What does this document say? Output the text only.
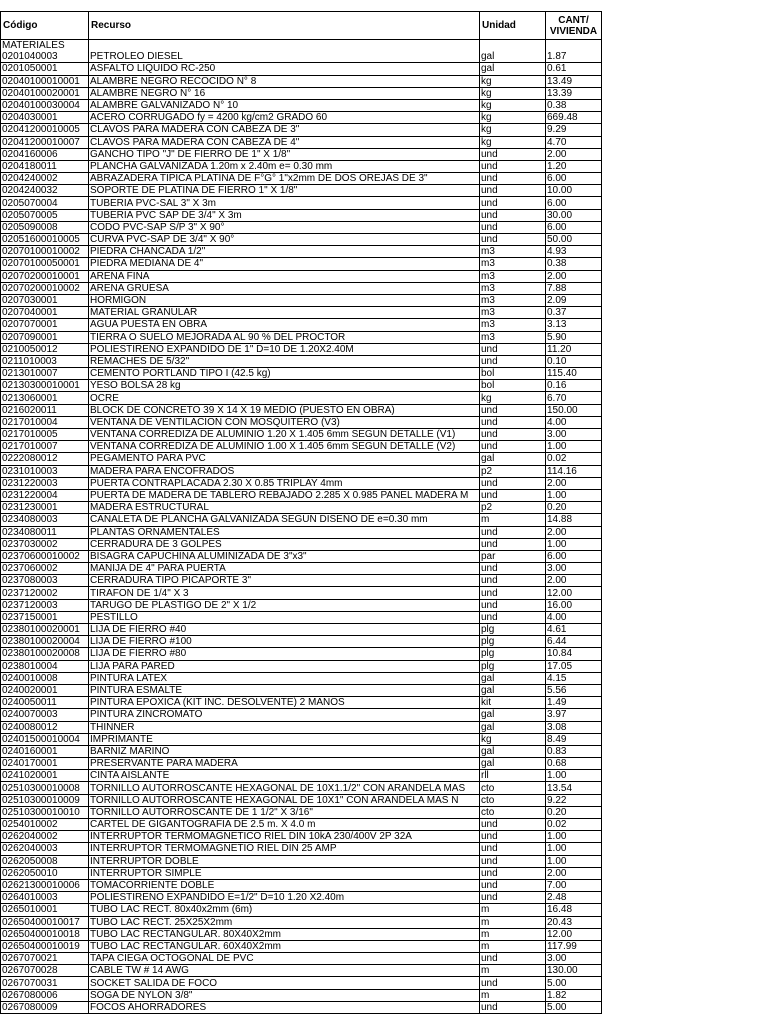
Código	Recurso	Unidad	CANT/
VIVIENDA

MATERIALES			
0201040003	PETROLEO DIESEL	gal	1.87
0201050001	ASFALTO LIQUIDO RC-250	gal	0.61
02040100010001	ALAMBRE NEGRO RECOCIDO N° 8	kg	13.49
02040100020001	ALAMBRE NEGRO N° 16	kg	13.39
02040100030004	ALAMBRE GALVANIZADO N° 10	kg	0.38
0204030001	ACERO CORRUGADO fy = 4200 kg/cm2 GRADO 60	kg	669.48
02041200010005	CLAVOS PARA MADERA CON CABEZA DE 3"	kg	9.29
02041200010007	CLAVOS PARA MADERA CON CABEZA DE 4"	kg	4.70
0204160006	GANCHO TIPO "J" DE FIERRO DE 1" X 1/8"	und	2.00
0204180011	PLANCHA GALVANIZADA 1.20m x 2.40m e= 0.30 mm	und	1.20
0204240002	ABRAZADERA TIPICA PLATINA DE F°G° 1"x2mm DE DOS OREJAS DE 3"	und	6.00
0204240032	SOPORTE DE PLATINA DE FIERRO 1" X 1/8"	und	10.00
0205070004	TUBERIA PVC-SAL 3" X 3m	und	6.00
0205070005	TUBERIA PVC SAP DE 3/4" X 3m	und	30.00
0205090008	CODO PVC-SAP S/P 3" X 90°	und	6.00
02051600010005	CURVA PVC-SAP DE 3/4" X 90°	und	50.00
02070100010002	PIEDRA CHANCADA 1/2"	m3	4.93
02070100050001	PIEDRA MEDIANA DE 4"	m3	0.38
02070200010001	ARENA FINA	m3	2.00
02070200010002	ARENA GRUESA	m3	7.88
0207030001	HORMIGON	m3	2.09
0207040001	MATERIAL GRANULAR	m3	0.37
0207070001	AGUA PUESTA EN OBRA	m3	3.13
0207090001	TIERRA O SUELO MEJORADA AL 90 % DEL PROCTOR	m3	5.90
0210050012	POLIESTIRENO EXPANDIDO DE 1" D=10 DE 1.20X2.40M	und	11.20
0211010003	REMACHES DE 5/32"	und	0.10
0213010007	CEMENTO PORTLAND TIPO I (42.5 kg)	bol	115.40
02130300010001	YESO BOLSA 28 kg	bol	0.16
0213060001	OCRE	kg	6.70
0216020011	BLOCK DE CONCRETO 39 X 14 X 19 MEDIO (PUESTO EN OBRA)	und	150.00
0217010004	VENTANA DE VENTILACION CON MOSQUITERO (V3)	und	4.00
0217010005	VENTANA CORREDIZA DE ALUMINIO 1.20 X 1.405 6mm SEGUN DETALLE (V1)	und	3.00
0217010007	VENTANA CORREDIZA DE ALUMINIO 1.00 X 1.405 6mm SEGUN DETALLE (V2)	und	1.00
0222080012	PEGAMENTO PARA PVC	gal	0.02
0231010003	MADERA PARA ENCOFRADOS	p2	114.16
0231220003	PUERTA CONTRAPLACADA 2.30 X 0.85 TRIPLAY 4mm	und	2.00
0231220004	PUERTA DE MADERA DE TABLERO REBAJADO 2.285 X 0.985 PANEL MADERA M	und	1.00
0231230001	MADERA ESTRUCTURAL	p2	0.20
0234080003	CANALETA DE PLANCHA GALVANIZADA SEGUN DISEÑO DE e=0.30 mm	m	14.88
0234080011	PLANTAS ORNAMENTALES	und	2.00
0237030002	CERRADURA DE 3 GOLPES	und	1.00
02370600010002	BISAGRA CAPUCHINA ALUMINIZADA DE 3"x3"	par	6.00
0237060002	MANIJA DE 4" PARA PUERTA	und	3.00
0237080003	CERRADURA TIPO PICAPORTE 3"	und	2.00
0237120002	TIRAFON DE 1/4" X 3	und	12.00
0237120003	TARUGO DE PLASTIGO DE 2" X 1/2	und	16.00
0237150001	PESTILLO	und	4.00
02380100020001	LIJA DE FIERRO #40	plg	4.61
02380100020004	LIJA DE FIERRO #100	plg	6.44
02380100020008	LIJA DE FIERRO #80	plg	10.84
0238010004	LIJA PARA PARED	plg	17.05
0240010008	PINTURA LATEX	gal	4.15
0240020001	PINTURA ESMALTE	gal	5.56
0240050011	PINTURA EPOXICA (KIT INC. DESOLVENTE) 2 MANOS	kit	1.49
0240070003	PINTURA ZINCROMATO	gal	3.97
0240080012	THINNER	gal	3.08
02401500010004	IMPRIMANTE	kg	8.49
0240160001	BARNIZ MARINO	gal	0.83
0240170001	PRESERVANTE PARA MADERA	gal	0.68
0241020001	CINTA AISLANTE	rll	1.00
02510300010008	TORNILLO AUTORROSCANTE HEXAGONAL DE 10X1.1/2" CON ARANDELA MAS	cto	13.54
02510300010009	TORNILLO AUTORROSCANTE HEXAGONAL DE 10X1" CON ARANDELA MAS N	cto	9.22
02510300010010	TORNILLO AUTORROSCANTE DE 1 1/2" X 3/16"	cto	0.20
0254010002	CARTEL DE GIGANTOGRAFIA DE 2.5 m. X 4.0 m	und	0.02
0262040002	INTERRUPTOR TERMOMAGNETICO RIEL DIN 10kA 230/400V 2P 32A	und	1.00
0262040003	INTERRUPTOR TERMOMAGNETIO RIEL DIN 25 AMP	und	1.00
0262050008	INTERRUPTOR DOBLE	und	1.00
0262050010	INTERRUPTOR SIMPLE	und	2.00
02621300010006	TOMACORRIENTE DOBLE	und	7.00
0264010003	POLIESTIRENO EXPANDIDO E=1/2" D=10 1.20 X2.40m	und	2.48
0265010001	TUBO LAC RECT. 80x40x2mm (6m)	m	16.48
02650400010017	TUBO LAC RECT. 25X25X2mm	m	20.43
02650400010018	TUBO LAC RECTANGULAR. 80X40X2mm	m	12.00
02650400010019	TUBO LAC RECTANGULAR. 60X40X2mm	m	117.99
0267070021	TAPA CIEGA OCTOGONAL DE PVC	und	3.00
0267070028	CABLE TW # 14 AWG	m	130.00
0267070031	SOCKET SALIDA DE FOCO	und	5.00
0267080006	SOGA DE NYLON 3/8"	m	1.82
0267080009	FOCOS AHORRADORES	und	5.00
